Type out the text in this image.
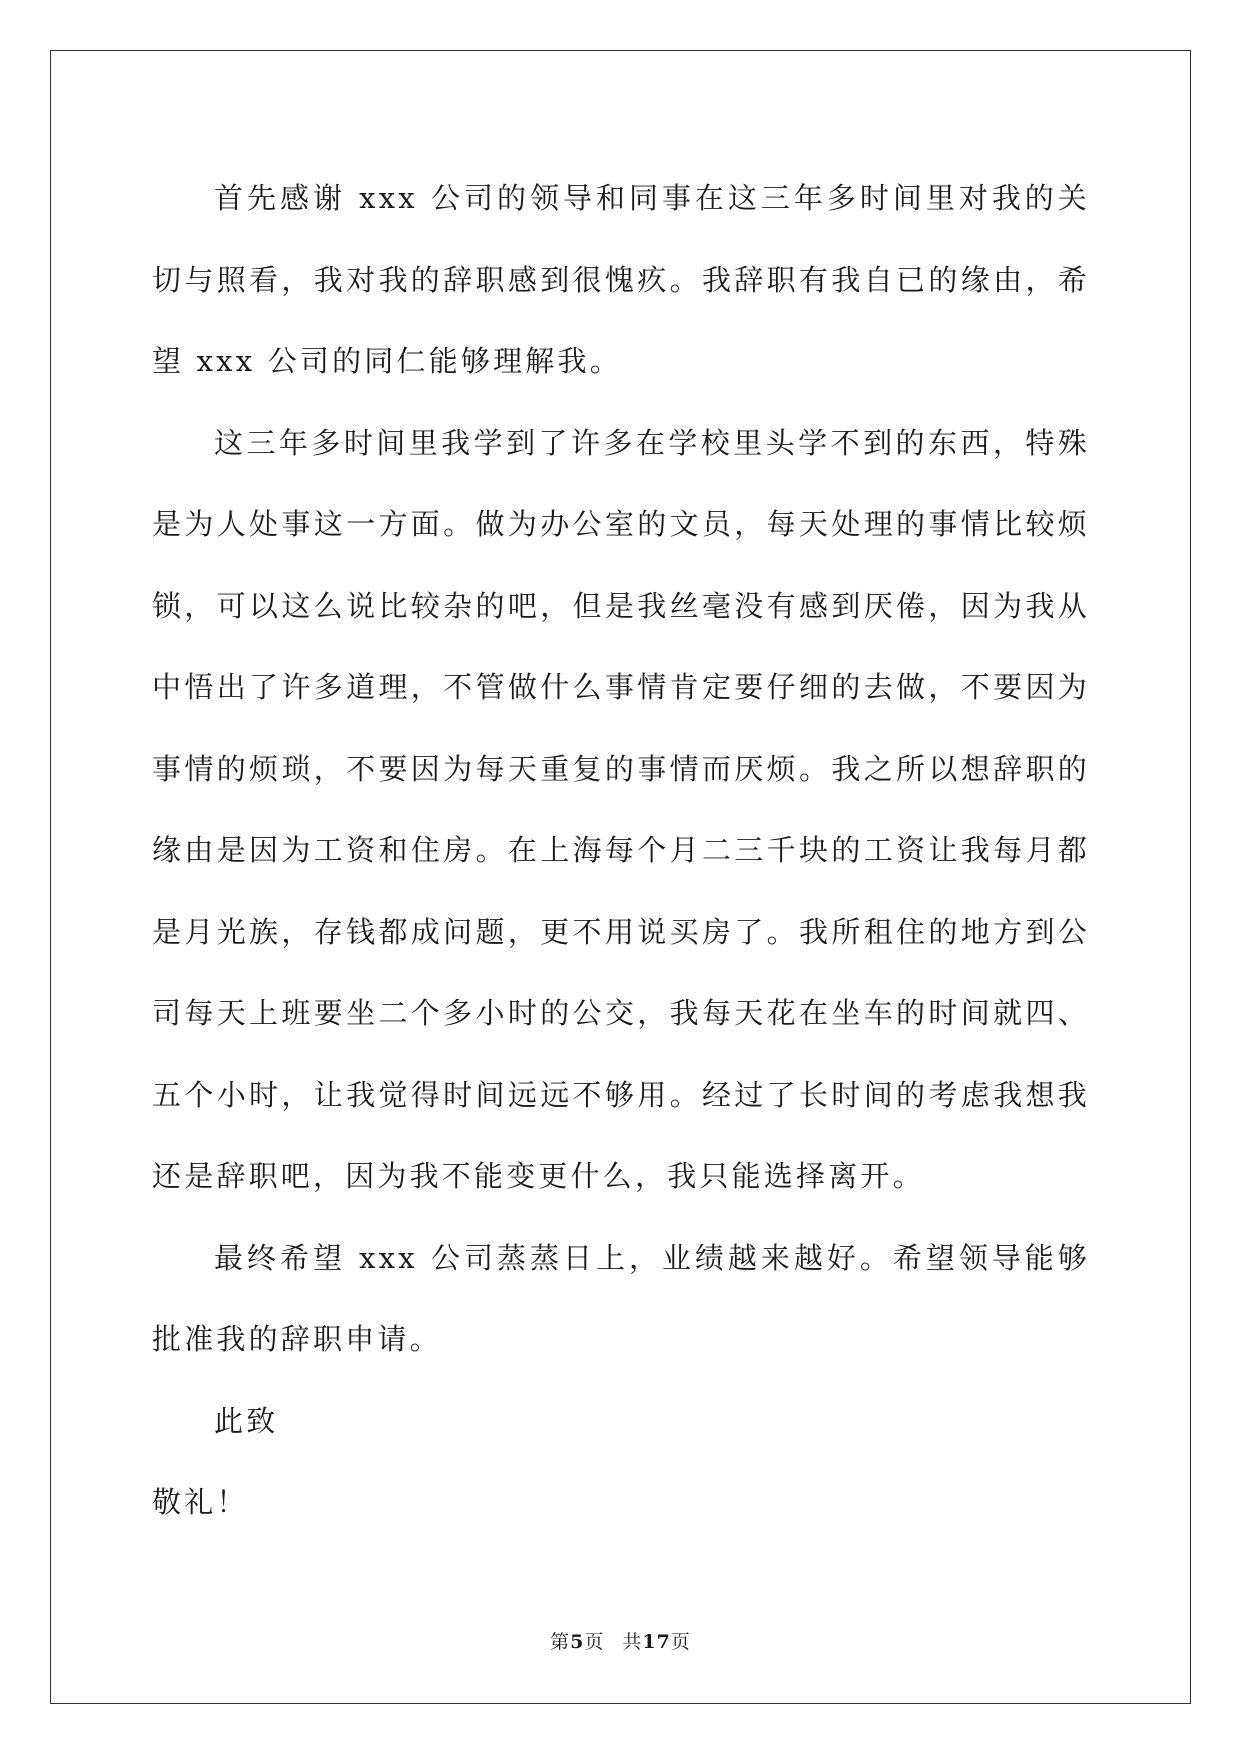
首先感谢 xxx 公司的领导和同事在这三年多时间里对我的关切与照看，我对我的辞职感到很愧疚。我辞职有我自已的缘由，希望 xxx 公司的同仁能够理解我。

这三年多时间里我学到了许多在学校里头学不到的东西，特殊是为人处事这一方面。做为办公室的文员，每天处理的事情比较烦锁，可以这么说比较杂的吧，但是我丝毫没有感到厌倦，因为我从中悟出了许多道理，不管做什么事情肯定要仔细的去做，不要因为事情的烦琐，不要因为每天重复的事情而厌烦。我之所以想辞职的缘由是因为工资和住房。在上海每个月二三千块的工资让我每月都是月光族，存钱都成问题，更不用说买房了。我所租住的地方到公司每天上班要坐二个多小时的公交，我每天花在坐车的时间就四、五个小时，让我觉得时间远远不够用。经过了长时间的考虑我想我还是辞职吧，因为我不能变更什么，我只能选择离开。

最终希望 xxx 公司蒸蒸日上，业绩越来越好。希望领导能够批准我的辞职申请。

此致

敬礼！

第5页 共17页
